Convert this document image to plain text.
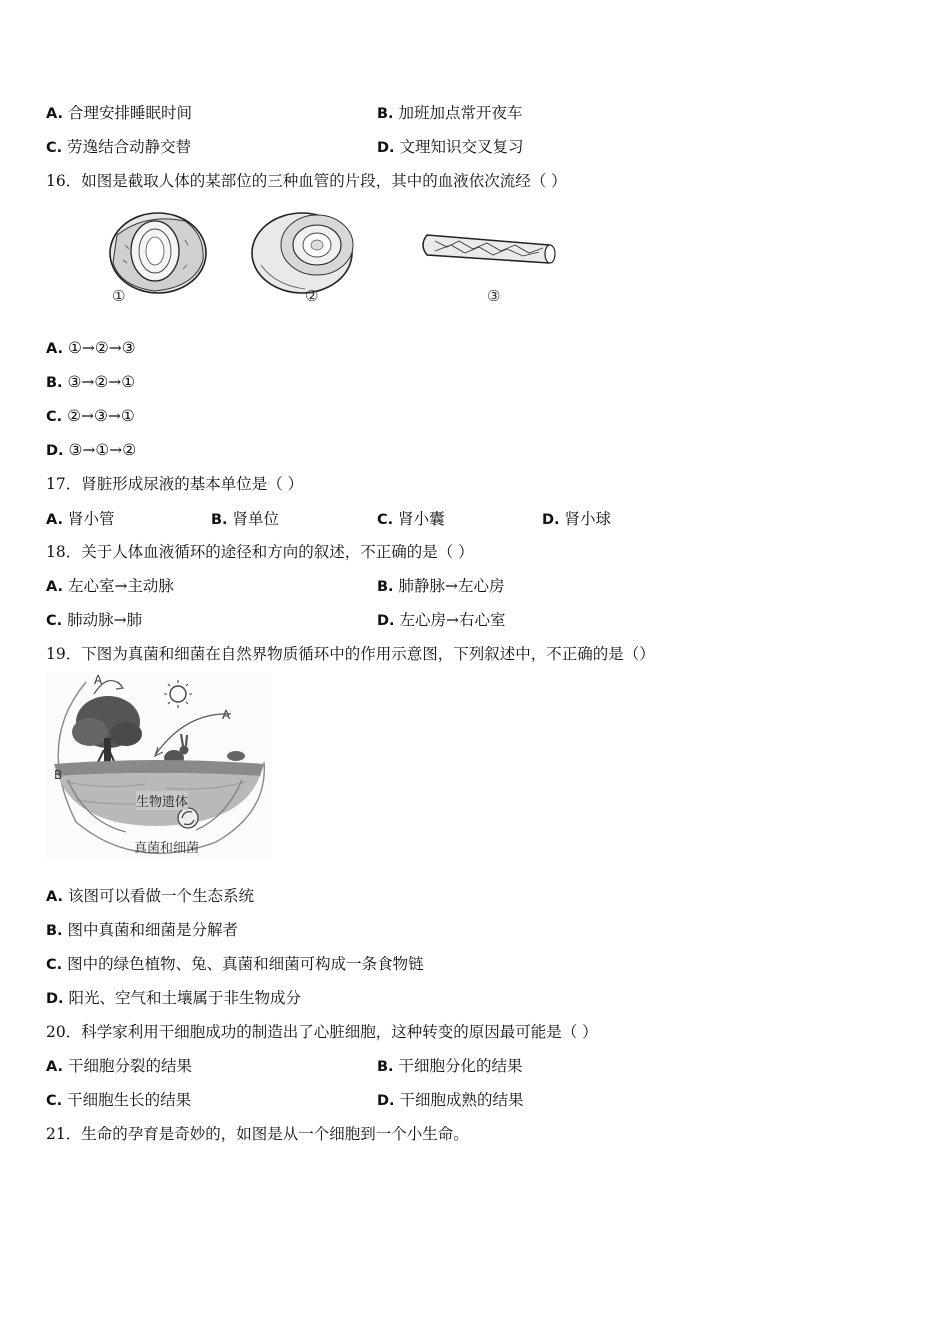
A. 合理安排睡眠时间	B. 加班加点常开夜车
C. 劳逸结合动静交替	D. 文理知识交叉复习
16．如图是截取人体的某部位的三种血管的片段，其中的血液依次流经（ ）
①	②	③
A. ①→②→③
B. ③→②→①
C. ②→③→①
D. ③→①→②
17．肾脏形成尿液的基本单位是（ ）
A. 肾小管	B. 肾单位	C. 肾小囊	D. 肾小球
18．关于人体血液循环的途径和方向的叙述，不正确的是（ ）
A. 左心室→主动脉	B. 肺静脉→左心房
C. 肺动脉→肺	D. 左心房→右心室
19．下图为真菌和细菌在自然界物质循环中的作用示意图，下列叙述中，不正确的是（）
A
A
B
生物遗体
真菌和细菌
A. 该图可以看做一个生态系统
B. 图中真菌和细菌是分解者
C. 图中的绿色植物、兔、真菌和细菌可构成一条食物链
D. 阳光、空气和土壤属于非生物成分
20．科学家利用干细胞成功的制造出了心脏细胞，这种转变的原因最可能是（ ）
A. 干细胞分裂的结果	B. 干细胞分化的结果
C. 干细胞生长的结果	D. 干细胞成熟的结果
21．生命的孕育是奇妙的，如图是从一个细胞到一个小生命。
